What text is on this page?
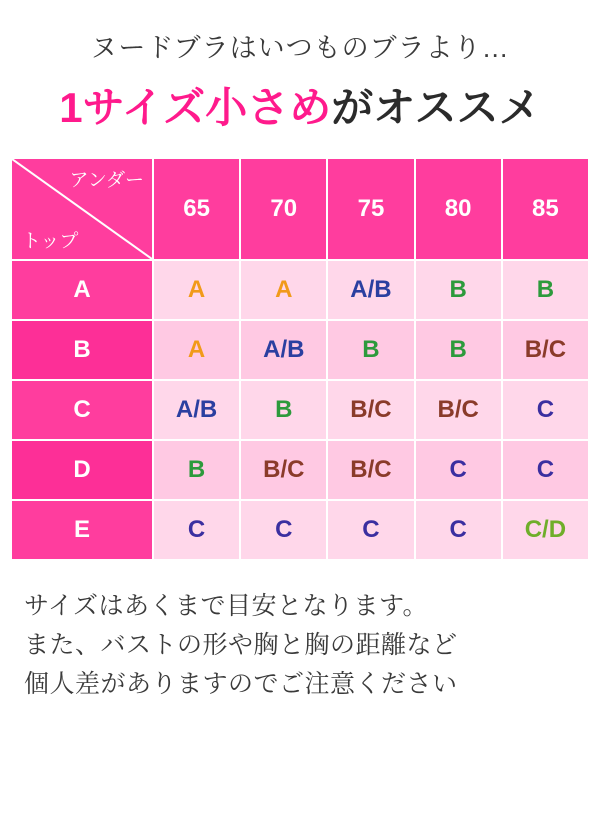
ヌードブラはいつものブラより…
1サイズ小さめがオススメ
アンダー
トップ	65	70	75	80	85
A	A	A	A/B	B	B
B	A	A/B	B	B	B/C
C	A/B	B	B/C	B/C	C
D	B	B/C	B/C	C	C
E	C	C	C	C	C/D
サイズはあくまで目安となります。
また、バストの形や胸と胸の距離など
個人差がありますのでご注意ください
